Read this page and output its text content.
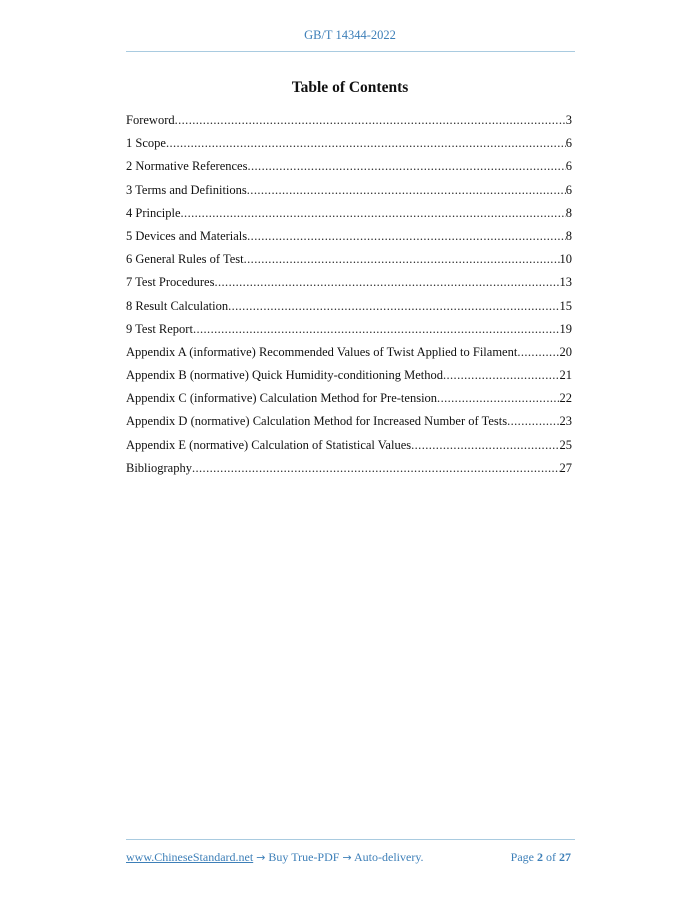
GB/T 14344-2022
Table of Contents
Foreword .....	3
1 Scope .....	6
2 Normative References .....	6
3 Terms and Definitions .....	6
4 Principle .....	8
5 Devices and Materials .....	8
6 General Rules of Test .....	10
7 Test Procedures .....	13
8 Result Calculation .....	15
9 Test Report .....	19
Appendix A (informative) Recommended Values of Twist Applied to Filament .....	20
Appendix B (normative) Quick Humidity-conditioning Method .....	21
Appendix C (informative) Calculation Method for Pre-tension .....	22
Appendix D (normative) Calculation Method for Increased Number of Tests .....	23
Appendix E (normative) Calculation of Statistical Values .....	25
Bibliography .....	27
www.ChineseStandard.net → Buy True-PDF → Auto-delivery.	Page 2 of 27
